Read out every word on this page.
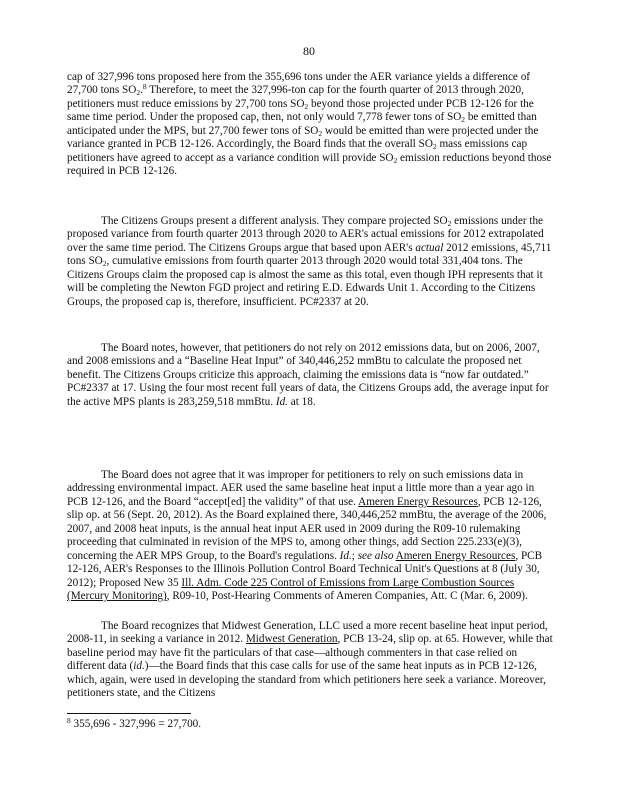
80

cap of 327,996 tons proposed here from the 355,696 tons under the AER variance yields a difference of 27,700 tons $SO_2.^8$ Therefore, to meet the 327,996-ton cap for the fourth quarter of 2013 through 2020, petitioners must reduce emissions by 27,700 tons $SO_2$ beyond those projected under PCB 12-126 for the same time period. Under the proposed cap, then, not only would 7,778 fewer tons of $SO_2$ be emitted than anticipated under the MPS, but 27,700 fewer tons of $SO_2$ would be emitted than were projected under the variance granted in PCB 12-126. Accordingly, the Board finds that the overall $SO_2$ mass emissions cap petitioners have agreed to accept as a variance condition will provide $SO_2$ emission reductions beyond those required in PCB 12-126.

The Citizens Groups present a different analysis. They compare projected $SO_2$ emissions under the proposed variance from fourth quarter 2013 through 2020 to AER's actual emissions for 2012 extrapolated over the same time period. The Citizens Groups argue that based upon AER's actual 2012 emissions, 45,711 tons $SO_2$, cumulative emissions from fourth quarter 2013 through 2020 would total 331,404 tons. The Citizens Groups claim the proposed cap is almost the same as this total, even though IPH represents that it will be completing the Newton FGD project and retiring E.D. Edwards Unit 1. According to the Citizens Groups, the proposed cap is, therefore, insufficient. PC#2337 at 20.

The Board notes, however, that petitioners do not rely on 2012 emissions data, but on 2006, 2007, and 2008 emissions and a “Baseline Heat Input” of 340,446,252 mmBtu to calculate the proposed net benefit. The Citizens Groups criticize this approach, claiming the emissions data is “now far outdated.” PC#2337 at 17. Using the four most recent full years of data, the Citizens Groups add, the average input for the active MPS plants is 283,259,518 mmBtu. Id. at 18.

The Board does not agree that it was improper for petitioners to rely on such emissions data in addressing environmental impact. AER used the same baseline heat input a little more than a year ago in PCB 12-126, and the Board “accept[ed] the validity” of that use. Ameren Energy Resources, PCB 12-126, slip op. at 56 (Sept. 20, 2012). As the Board explained there, 340,446,252 mmBtu, the average of the 2006, 2007, and 2008 heat inputs, is the annual heat input AER used in 2009 during the R09-10 rulemaking proceeding that culminated in revision of the MPS to, among other things, add Section 225.233(e)(3), concerning the AER MPS Group, to the Board's regulations. Id.; see also Ameren Energy Resources, PCB 12-126, AER's Responses to the Illinois Pollution Control Board Technical Unit's Questions at 8 (July 30, 2012); Proposed New 35 Ill. Adm. Code 225 Control of Emissions from Large Combustion Sources (Mercury Monitoring), R09-10, Post-Hearing Comments of Ameren Companies, Att. C (Mar. 6, 2009).

The Board recognizes that Midwest Generation, LLC used a more recent baseline heat input period, 2008-11, in seeking a variance in 2012. Midwest Generation, PCB 13-24, slip op. at 65. However, while that baseline period may have fit the particulars of that case—although commenters in that case relied on different data (id.)—the Board finds that this case calls for use of the same heat inputs as in PCB 12-126, which, again, were used in developing the standard from which petitioners here seek a variance. Moreover, petitioners state, and the Citizens

$^8$ 355,696 - 327,996 = 27,700.
